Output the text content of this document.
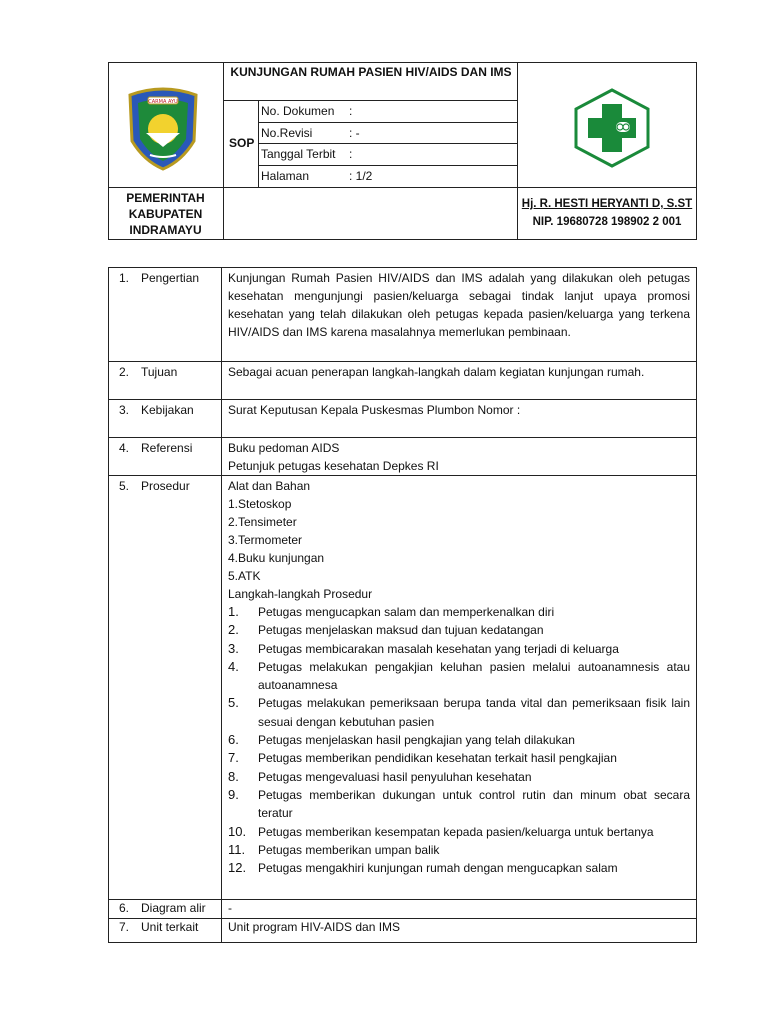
CARMA AYU
KUNJUNGAN RUMAH PASIEN HIV/AIDS DAN IMS
SOP
No. Dokumen :
No.Revisi	: -
Tanggal Terbit :
Halaman	: 1/2
PEMERINTAH
KABUPATEN
INDRAMAYU
Hj. R. HESTI HERYANTI D, S.ST
NIP. 19680728 198902 2 001
1. Pengertian
2. Tujuan
3. Kebijakan
4. Referensi
5. Prosedur
6. Diagram alir
7. Unit terkait
Kunjungan Rumah Pasien HIV/AIDS dan IMS adalah yang dilakukan oleh petugas kesehatan mengunjungi pasien/keluarga sebagai tindak lanjut upaya promosi kesehatan yang telah dilakukan oleh petugas kepada pasien/keluarga yang terkena HIV/AIDS dan IMS karena masalahnya memerlukan pembinaan.
Sebagai acuan penerapan langkah-langkah dalam kegiatan kunjungan rumah.
Surat Keputusan Kepala Puskesmas Plumbon Nomor :
Buku pedoman AIDS
Petunjuk petugas kesehatan Depkes RI
Alat dan Bahan
1.Stetoskop
2.Tensimeter
3.Termometer
4.Buku kunjungan
5.ATK
Langkah-langkah Prosedur
1. Petugas mengucapkan salam dan memperkenalkan diri
2. Petugas menjelaskan maksud dan tujuan kedatangan
3. Petugas membicarakan masalah kesehatan yang terjadi di keluarga
4. Petugas melakukan pengakjian keluhan pasien melalui autoanamnesis atau autoanamnesa
5. Petugas melakukan pemeriksaan berupa tanda vital dan pemeriksaan fisik lain sesuai dengan kebutuhan pasien
6. Petugas menjelaskan hasil pengkajian yang telah dilakukan
7. Petugas memberikan pendidikan kesehatan terkait hasil pengkajian
8. Petugas mengevaluasi hasil penyuluhan kesehatan
9. Petugas memberikan dukungan untuk control rutin dan minum obat secara teratur
10. Petugas memberikan kesempatan kepada pasien/keluarga untuk bertanya
11. Petugas memberikan umpan balik
12. Petugas mengakhiri kunjungan rumah dengan mengucapkan salam
-
Unit program HIV-AIDS dan IMS
